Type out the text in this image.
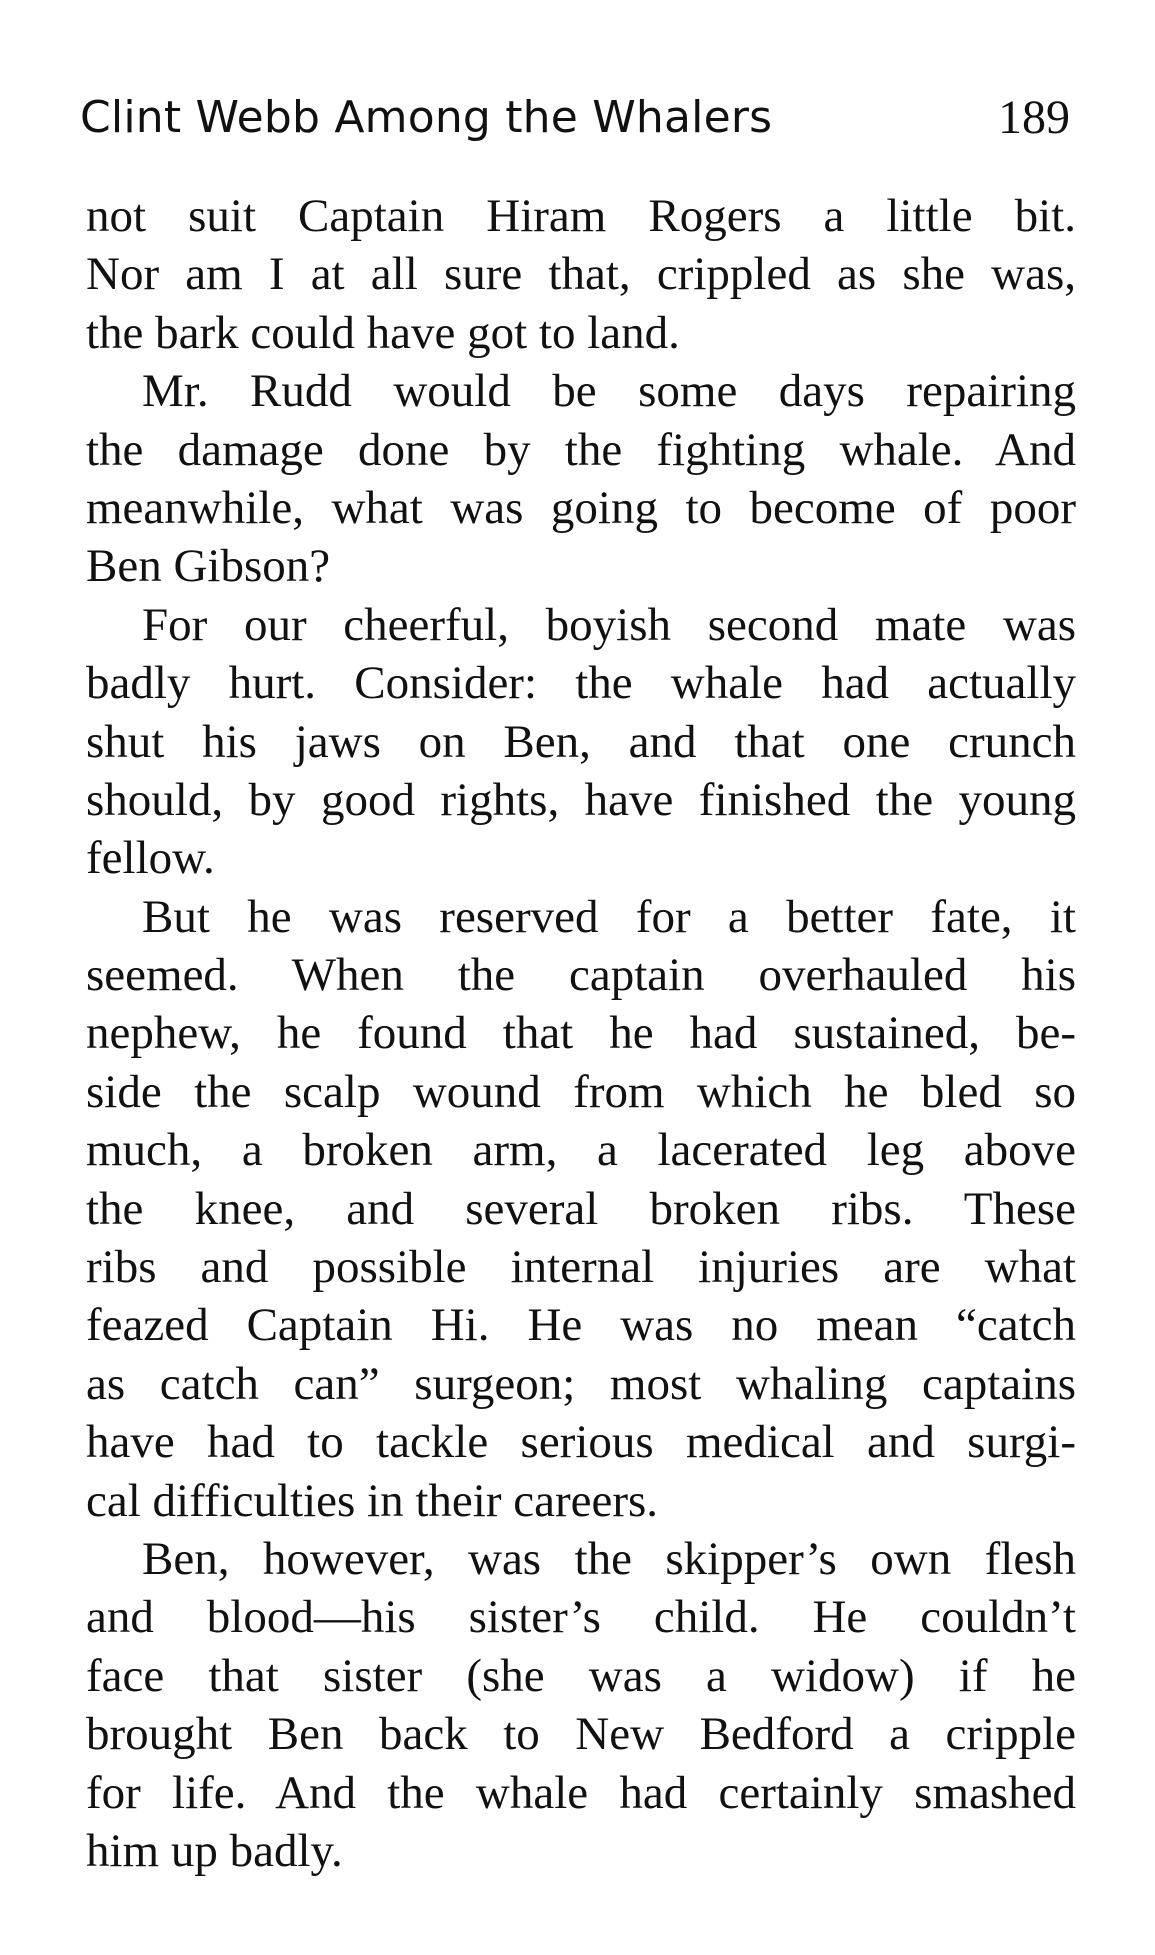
Clint Webb Among the Whalers	189
not suit Captain Hiram Rogers a little bit.
Nor am I at all sure that, crippled as she was,
the bark could have got to land.
Mr. Rudd would be some days repairing
the damage done by the fighting whale. And
meanwhile, what was going to become of poor
Ben Gibson?
For our cheerful, boyish second mate was
badly hurt. Consider: the whale had actually
shut his jaws on Ben, and that one crunch
should, by good rights, have finished the young
fellow.
But he was reserved for a better fate, it
seemed. When the captain overhauled his
nephew, he found that he had sustained, be-
side the scalp wound from which he bled so
much, a broken arm, a lacerated leg above
the knee, and several broken ribs. These
ribs and possible internal injuries are what
feazed Captain Hi. He was no mean “catch
as catch can” surgeon; most whaling captains
have had to tackle serious medical and surgi-
cal difficulties in their careers.
Ben, however, was the skipper’s own flesh
and blood—his sister’s child. He couldn’t
face that sister (she was a widow) if he
brought Ben back to New Bedford a cripple
for life. And the whale had certainly smashed
him up badly.
